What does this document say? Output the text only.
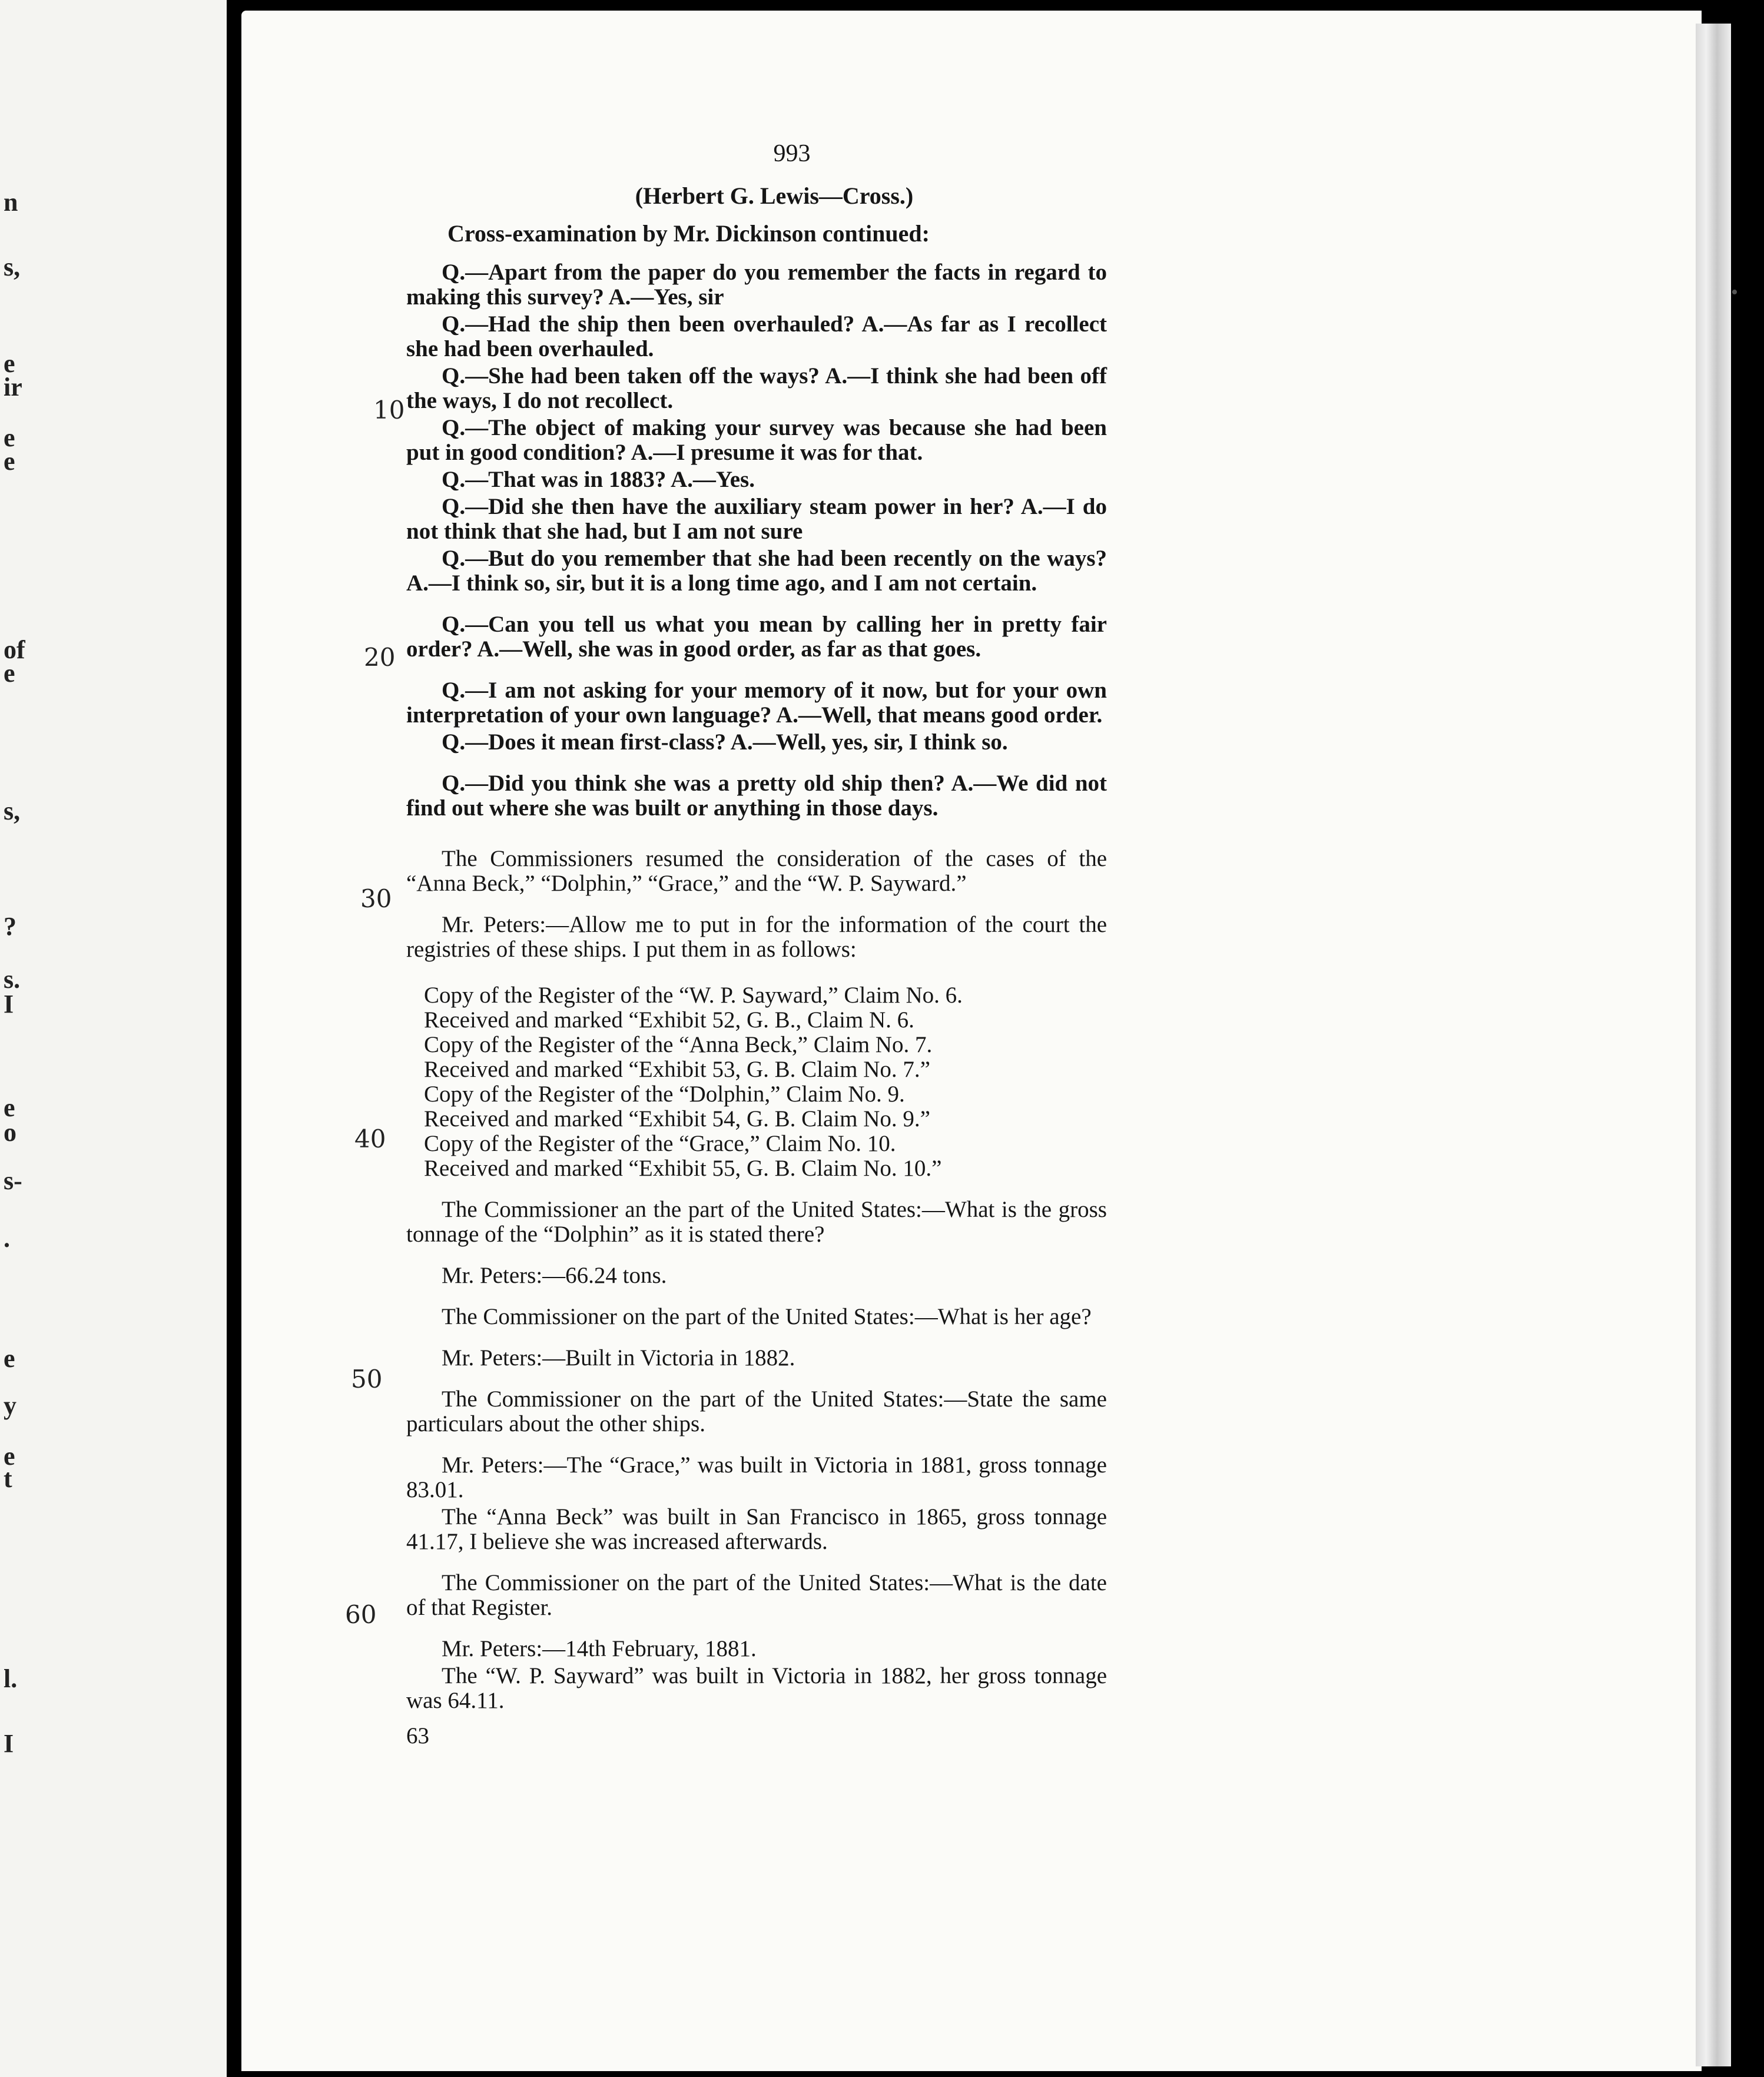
n
s,
e
ir
e
e
of
e
s,
?
s.
I
e
o
s-
.
e
y
e
t
l.
I
•
10
20
30
40
50
60
993
(Herbert G. Lewis—Cross.)
Cross-examination by Mr. Dickinson continued:

Q.—Apart from the paper do you remember the facts in regard to making this survey? A.—Yes, sir

Q.—Had the ship then been overhauled? A.—As far as I recollect she had been overhauled.

Q.—She had been taken off the ways? A.—I think she had been off the ways, I do not recollect.

Q.—The object of making your survey was because she had been put in good condition? A.—I presume it was for that.

Q.—That was in 1883? A.—Yes.

Q.—Did she then have the auxiliary steam power in her? A.—I do not think that she had, but I am not sure

Q.—But do you remember that she had been recently on the ways? A.—I think so, sir, but it is a long time ago, and I am not certain.

Q.—Can you tell us what you mean by calling her in pretty fair order? A.—Well, she was in good order, as far as that goes.

Q.—I am not asking for your memory of it now, but for your own interpretation of your own language? A.—Well, that means good order.

Q.—Does it mean first-class? A.—Well, yes, sir, I think so.

Q.—Did you think she was a pretty old ship then? A.—We did not find out where she was built or anything in those days.

The Commissioners resumed the consideration of the cases of the “Anna Beck,” “Dolphin,” “Grace,” and the “W. P. Sayward.”

Mr. Peters:—Allow me to put in for the information of the court the registries of these ships. I put them in as follows:

Copy of the Register of the “W. P. Sayward,” Claim No. 6.
Received and marked “Exhibit 52, G. B., Claim N. 6.
Copy of the Register of the “Anna Beck,” Claim No. 7.
Received and marked “Exhibit 53, G. B. Claim No. 7.”
Copy of the Register of the “Dolphin,” Claim No. 9.
Received and marked “Exhibit 54, G. B. Claim No. 9.”
Copy of the Register of the “Grace,” Claim No. 10.
Received and marked “Exhibit 55, G. B. Claim No. 10.”

The Commissioner an the part of the United States:—What is the gross tonnage of the “Dolphin” as it is stated there?

Mr. Peters:—66.24 tons.

The Commissioner on the part of the United States:—What is her age?

Mr. Peters:—Built in Victoria in 1882.

The Commissioner on the part of the United States:—State the same particulars about the other ships.

Mr. Peters:—The “Grace,” was built in Victoria in 1881, gross tonnage 83.01.

The “Anna Beck” was built in San Francisco in 1865, gross tonnage 41.17, I believe she was increased afterwards.

The Commissioner on the part of the United States:—What is the date of that Register.

Mr. Peters:—14th February, 1881.

The “W. P. Sayward” was built in Victoria in 1882, her gross tonnage was 64.11.

63
